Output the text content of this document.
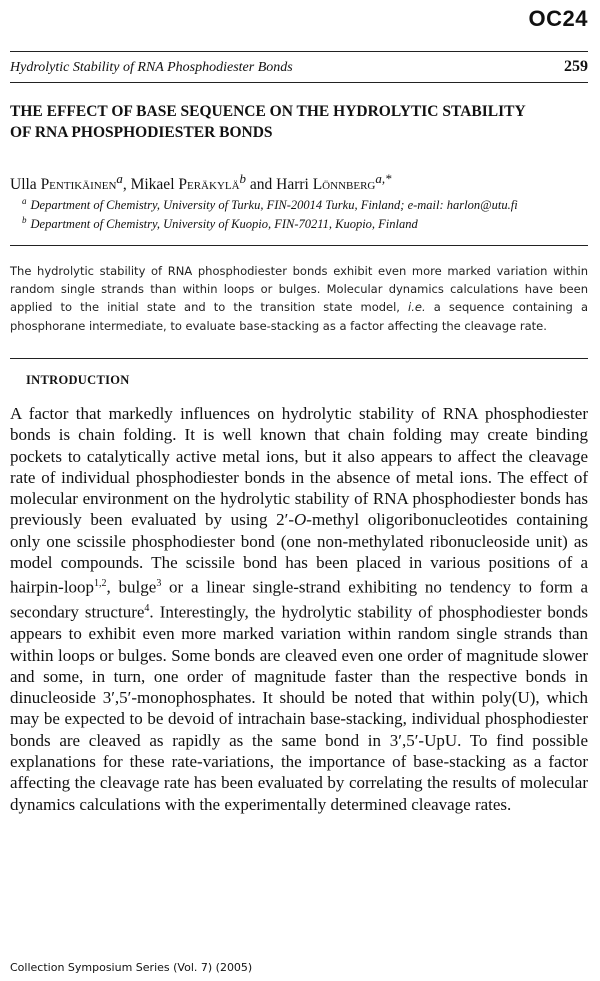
OC24
Hydrolytic Stability of RNA Phosphodiester Bonds	259
THE EFFECT OF BASE SEQUENCE ON THE HYDROLYTIC STABILITY
OF RNA PHOSPHODIESTER BONDS
Ulla Pentikäinen$^a$, Mikael Peräkylä$^b$ and Harri Lönnberg$^{a,*}$
$^a$ Department of Chemistry, University of Turku, FIN-20014 Turku, Finland; e-mail: harlon@utu.fi
$^b$ Department of Chemistry, University of Kuopio, FIN-70211, Kuopio, Finland
The hydrolytic stability of RNA phosphodiester bonds exhibit even more marked variation within random single strands than within loops or bulges. Molecular dynamics calculations have been applied to the initial state and to the transition state model, i.e. a sequence containing a phosphorane intermediate, to evaluate base-stacking as a factor affecting the cleavage rate.
INTRODUCTION
A factor that markedly influences on hydrolytic stability of RNA phosphodiester bonds is chain folding. It is well known that chain folding may create binding pockets to catalytically active metal ions, but it also appears to affect the cleavage rate of individual phosphodiester bonds in the absence of metal ions. The effect of molecular environment on the hydrolytic stability of RNA phosphodiester bonds has previously been evaluated by using 2′-O-methyl oligoribonucleotides containing only one scissile phosphodiester bond (one non-methylated ribonucleoside unit) as model compounds. The scissile bond has been placed in various positions of a hairpin-loop$^{1,2}$, bulge$^3$ or a linear single-strand exhibiting no tendency to form a secondary structure$^4$. Interestingly, the hydrolytic stability of phosphodiester bonds appears to exhibit even more marked variation within random single strands than within loops or bulges. Some bonds are cleaved even one order of magnitude slower and some, in turn, one order of magnitude faster than the respective bonds in dinucleoside 3′,5′-monophosphates. It should be noted that within poly(U), which may be expected to be devoid of intrachain base-stacking, individual phosphodiester bonds are cleaved as rapidly as the same bond in 3′,5′-UpU. To find possible explanations for these rate-variations, the importance of base-stacking as a factor affecting the cleavage rate has been evaluated by correlating the results of molecular dynamics calculations with the experimentally determined cleavage rates.
Collection Symposium Series (Vol. 7) (2005)
